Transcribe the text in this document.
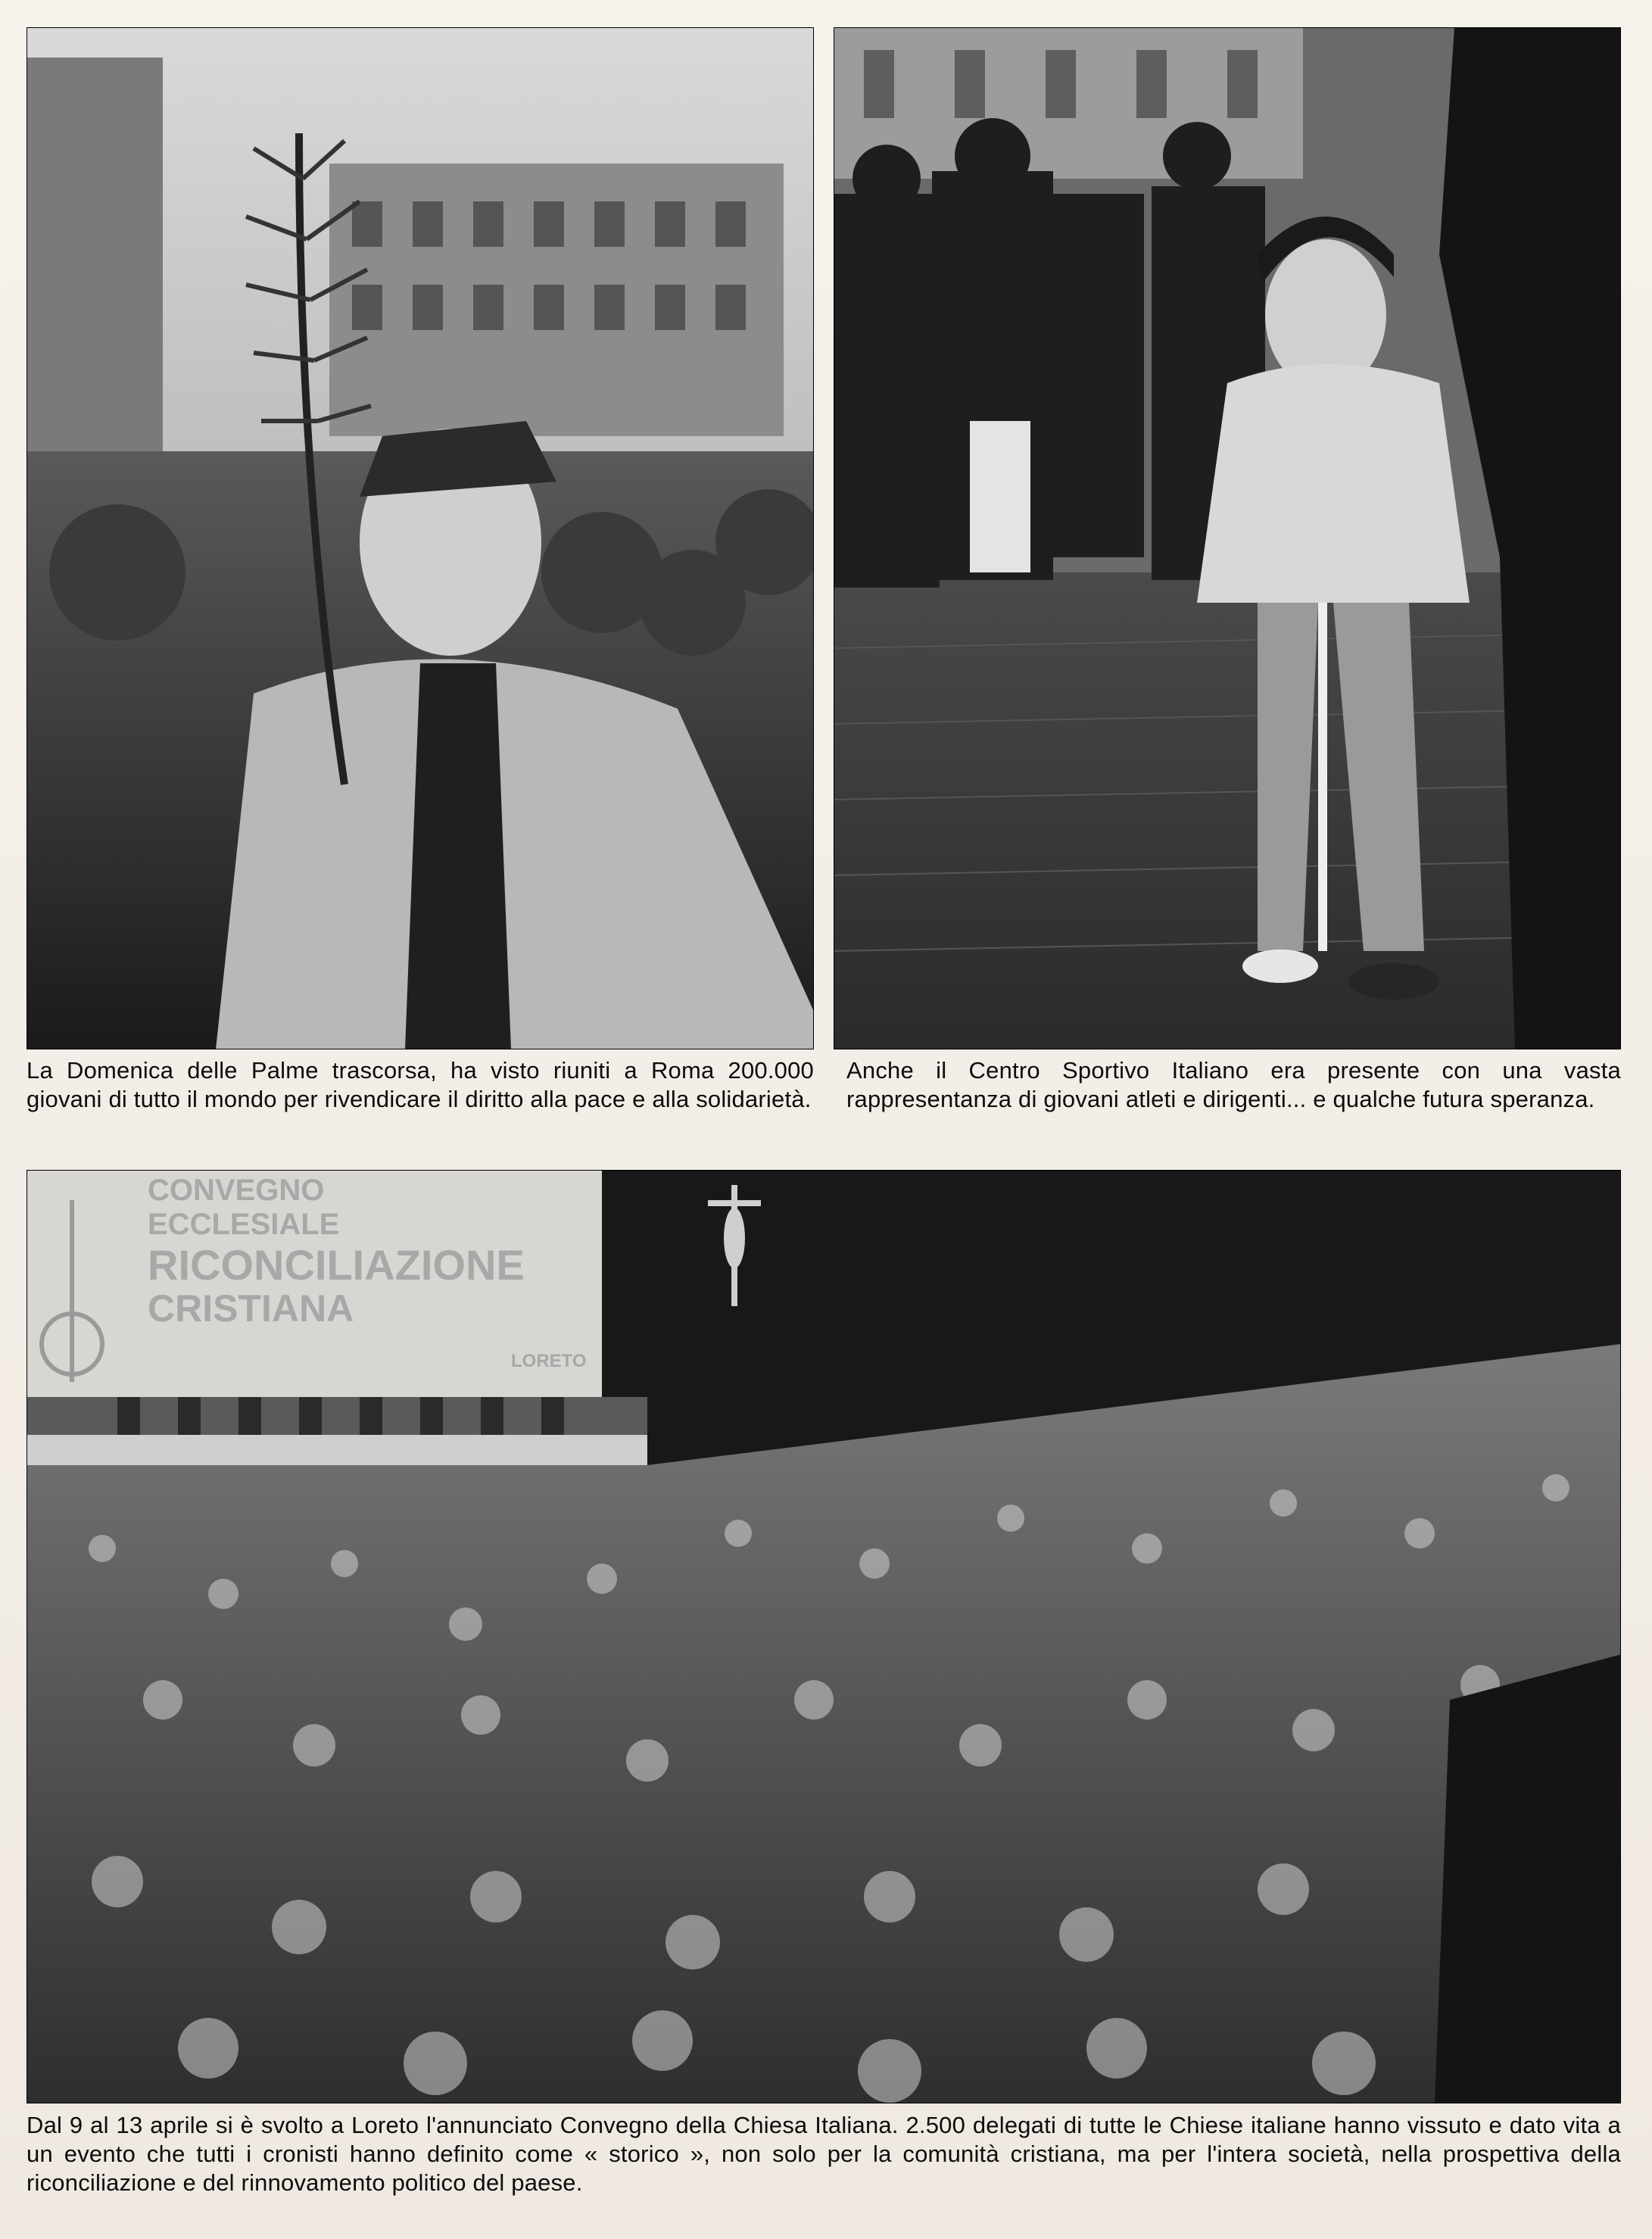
La Domenica delle Palme trascorsa, ha visto riuniti a Roma 200.000 giovani di tutto il mondo per rivendicare il diritto alla pace e alla solidarietà.
Anche il Centro Sportivo Italiano era presente con una vasta rappresentanza di giovani atleti e dirigenti... e qualche futura speranza.
CONVEGNO
ECCLESIALE
RICONCILIAZIONE
CRISTIANA
LORETO
Dal 9 al 13 aprile si è svolto a Loreto l'annunciato Convegno della Chiesa Italiana. 2.500 delegati di tutte le Chiese italiane hanno vissuto e dato vita a un evento che tutti i cronisti hanno definito come « storico », non solo per la comunità cristiana, ma per l'intera società, nella prospettiva della riconciliazione e del rinnovamento politico del paese.
